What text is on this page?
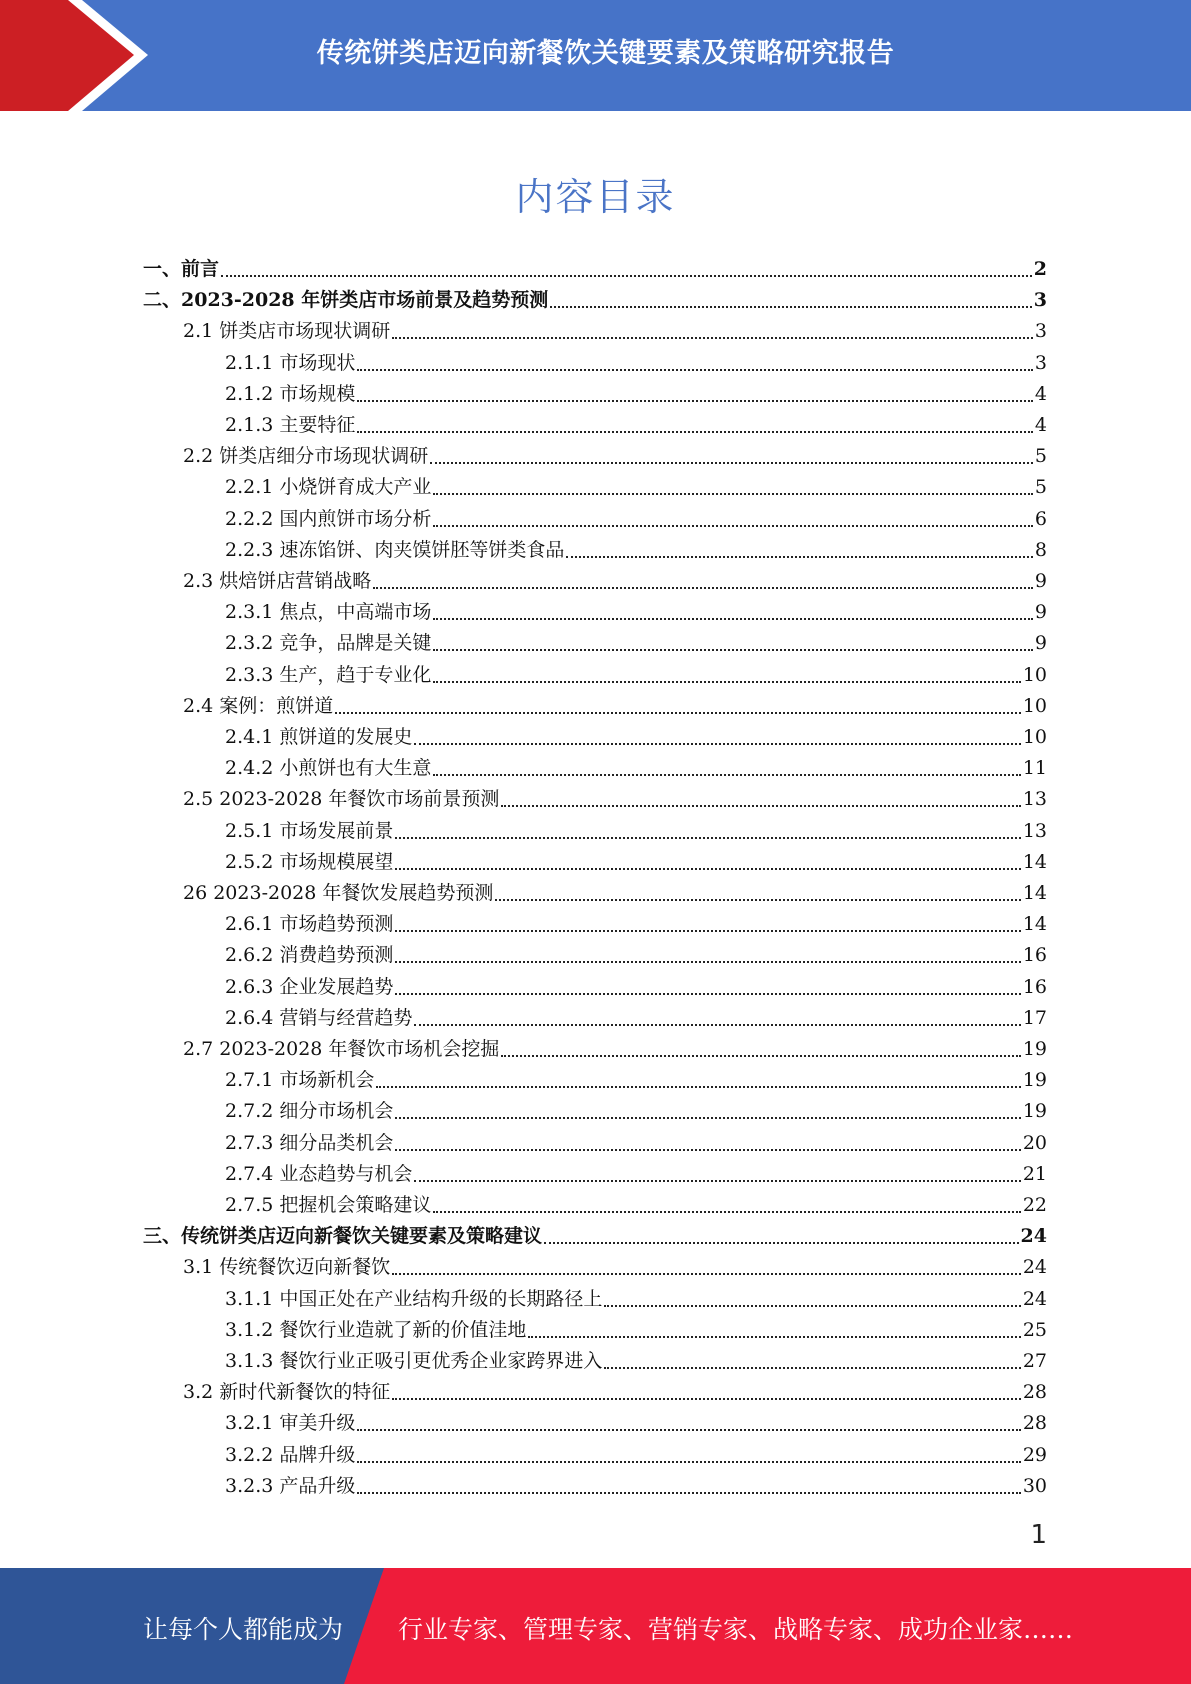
传统饼类店迈向新餐饮关键要素及策略研究报告
内容目录
一、前言	2
二、2023-2028 年饼类店市场前景及趋势预测	3
2.1 饼类店市场现状调研	3
2.1.1 市场现状	3
2.1.2 市场规模	4
2.1.3 主要特征	4
2.2 饼类店细分市场现状调研	5
2.2.1 小烧饼育成大产业	5
2.2.2 国内煎饼市场分析	6
2.2.3 速冻馅饼、肉夹馍饼胚等饼类食品	8
2.3 烘焙饼店营销战略	9
2.3.1 焦点，中高端市场	9
2.3.2 竞争，品牌是关键	9
2.3.3 生产，趋于专业化	10
2.4 案例：煎饼道	10
2.4.1 煎饼道的发展史	10
2.4.2 小煎饼也有大生意	11
2.5 2023-2028 年餐饮市场前景预测	13
2.5.1 市场发展前景	13
2.5.2 市场规模展望	14
26 2023-2028 年餐饮发展趋势预测	14
2.6.1 市场趋势预测	14
2.6.2 消费趋势预测	16
2.6.3 企业发展趋势	16
2.6.4 营销与经营趋势	17
2.7 2023-2028 年餐饮市场机会挖掘	19
2.7.1 市场新机会	19
2.7.2 细分市场机会	19
2.7.3 细分品类机会	20
2.7.4 业态趋势与机会	21
2.7.5 把握机会策略建议	22
三、传统饼类店迈向新餐饮关键要素及策略建议	24
3.1 传统餐饮迈向新餐饮	24
3.1.1 中国正处在产业结构升级的长期路径上	24
3.1.2 餐饮行业造就了新的价值洼地	25
3.1.3 餐饮行业正吸引更优秀企业家跨界进入	27
3.2 新时代新餐饮的特征	28
3.2.1 审美升级	28
3.2.2 品牌升级	29
3.2.3 产品升级	30
1
让每个人都能成为 行业专家、管理专家、营销专家、战略专家、成功企业家……
